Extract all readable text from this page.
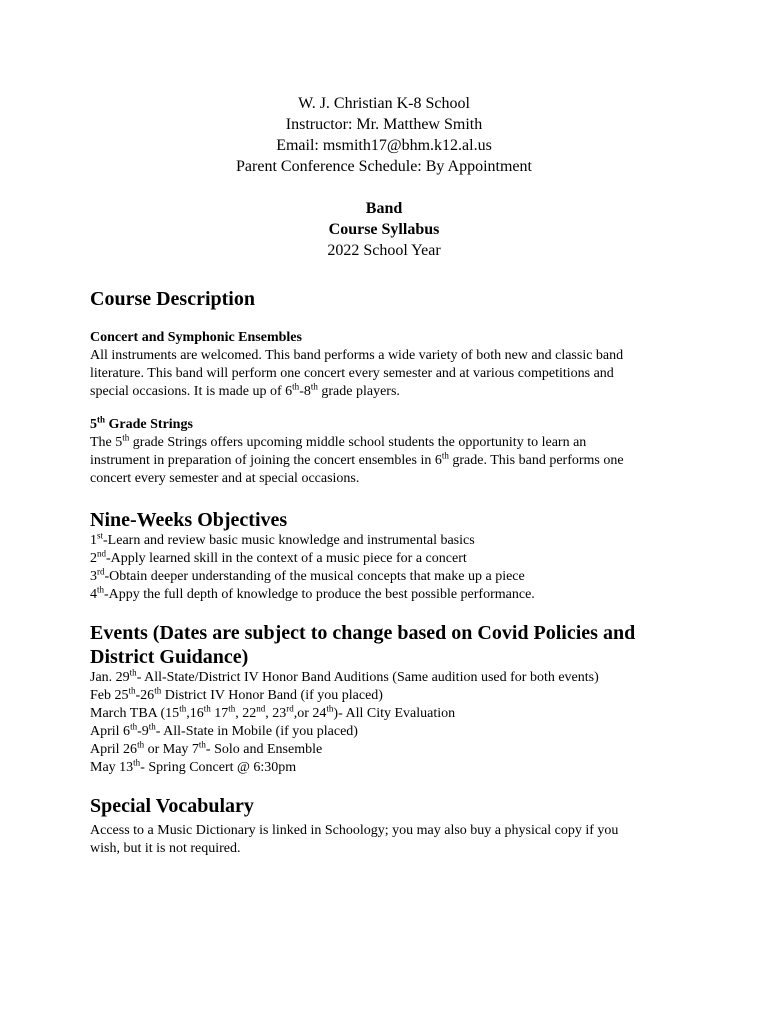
W. J. Christian K-8 School
Instructor: Mr. Matthew Smith
Email: msmith17@bhm.k12.al.us
Parent Conference Schedule: By Appointment
Band
Course Syllabus
2022 School Year
Course Description
Concert and Symphonic Ensembles
All instruments are welcomed. This band performs a wide variety of both new and classic band
literature. This band will perform one concert every semester and at various competitions and
special occasions. It is made up of 6th-8th grade players.
5th Grade Strings
The 5th grade Strings offers upcoming middle school students the opportunity to learn an
instrument in preparation of joining the concert ensembles in 6th grade. This band performs one
concert every semester and at special occasions.
Nine-Weeks Objectives
1st-Learn and review basic music knowledge and instrumental basics
2nd-Apply learned skill in the context of a music piece for a concert
3rd-Obtain deeper understanding of the musical concepts that make up a piece
4th-Appy the full depth of knowledge to produce the best possible performance.
Events (Dates are subject to change based on Covid Policies and
District Guidance)
Jan. 29th- All-State/District IV Honor Band Auditions (Same audition used for both events)
Feb 25th-26th District IV Honor Band (if you placed)
March TBA (15th,16th 17th, 22nd, 23rd,or 24th)- All City Evaluation
April 6th-9th- All-State in Mobile (if you placed)
April 26th or May 7th- Solo and Ensemble
May 13th- Spring Concert @ 6:30pm
Special Vocabulary
Access to a Music Dictionary is linked in Schoology; you may also buy a physical copy if you
wish, but it is not required.
